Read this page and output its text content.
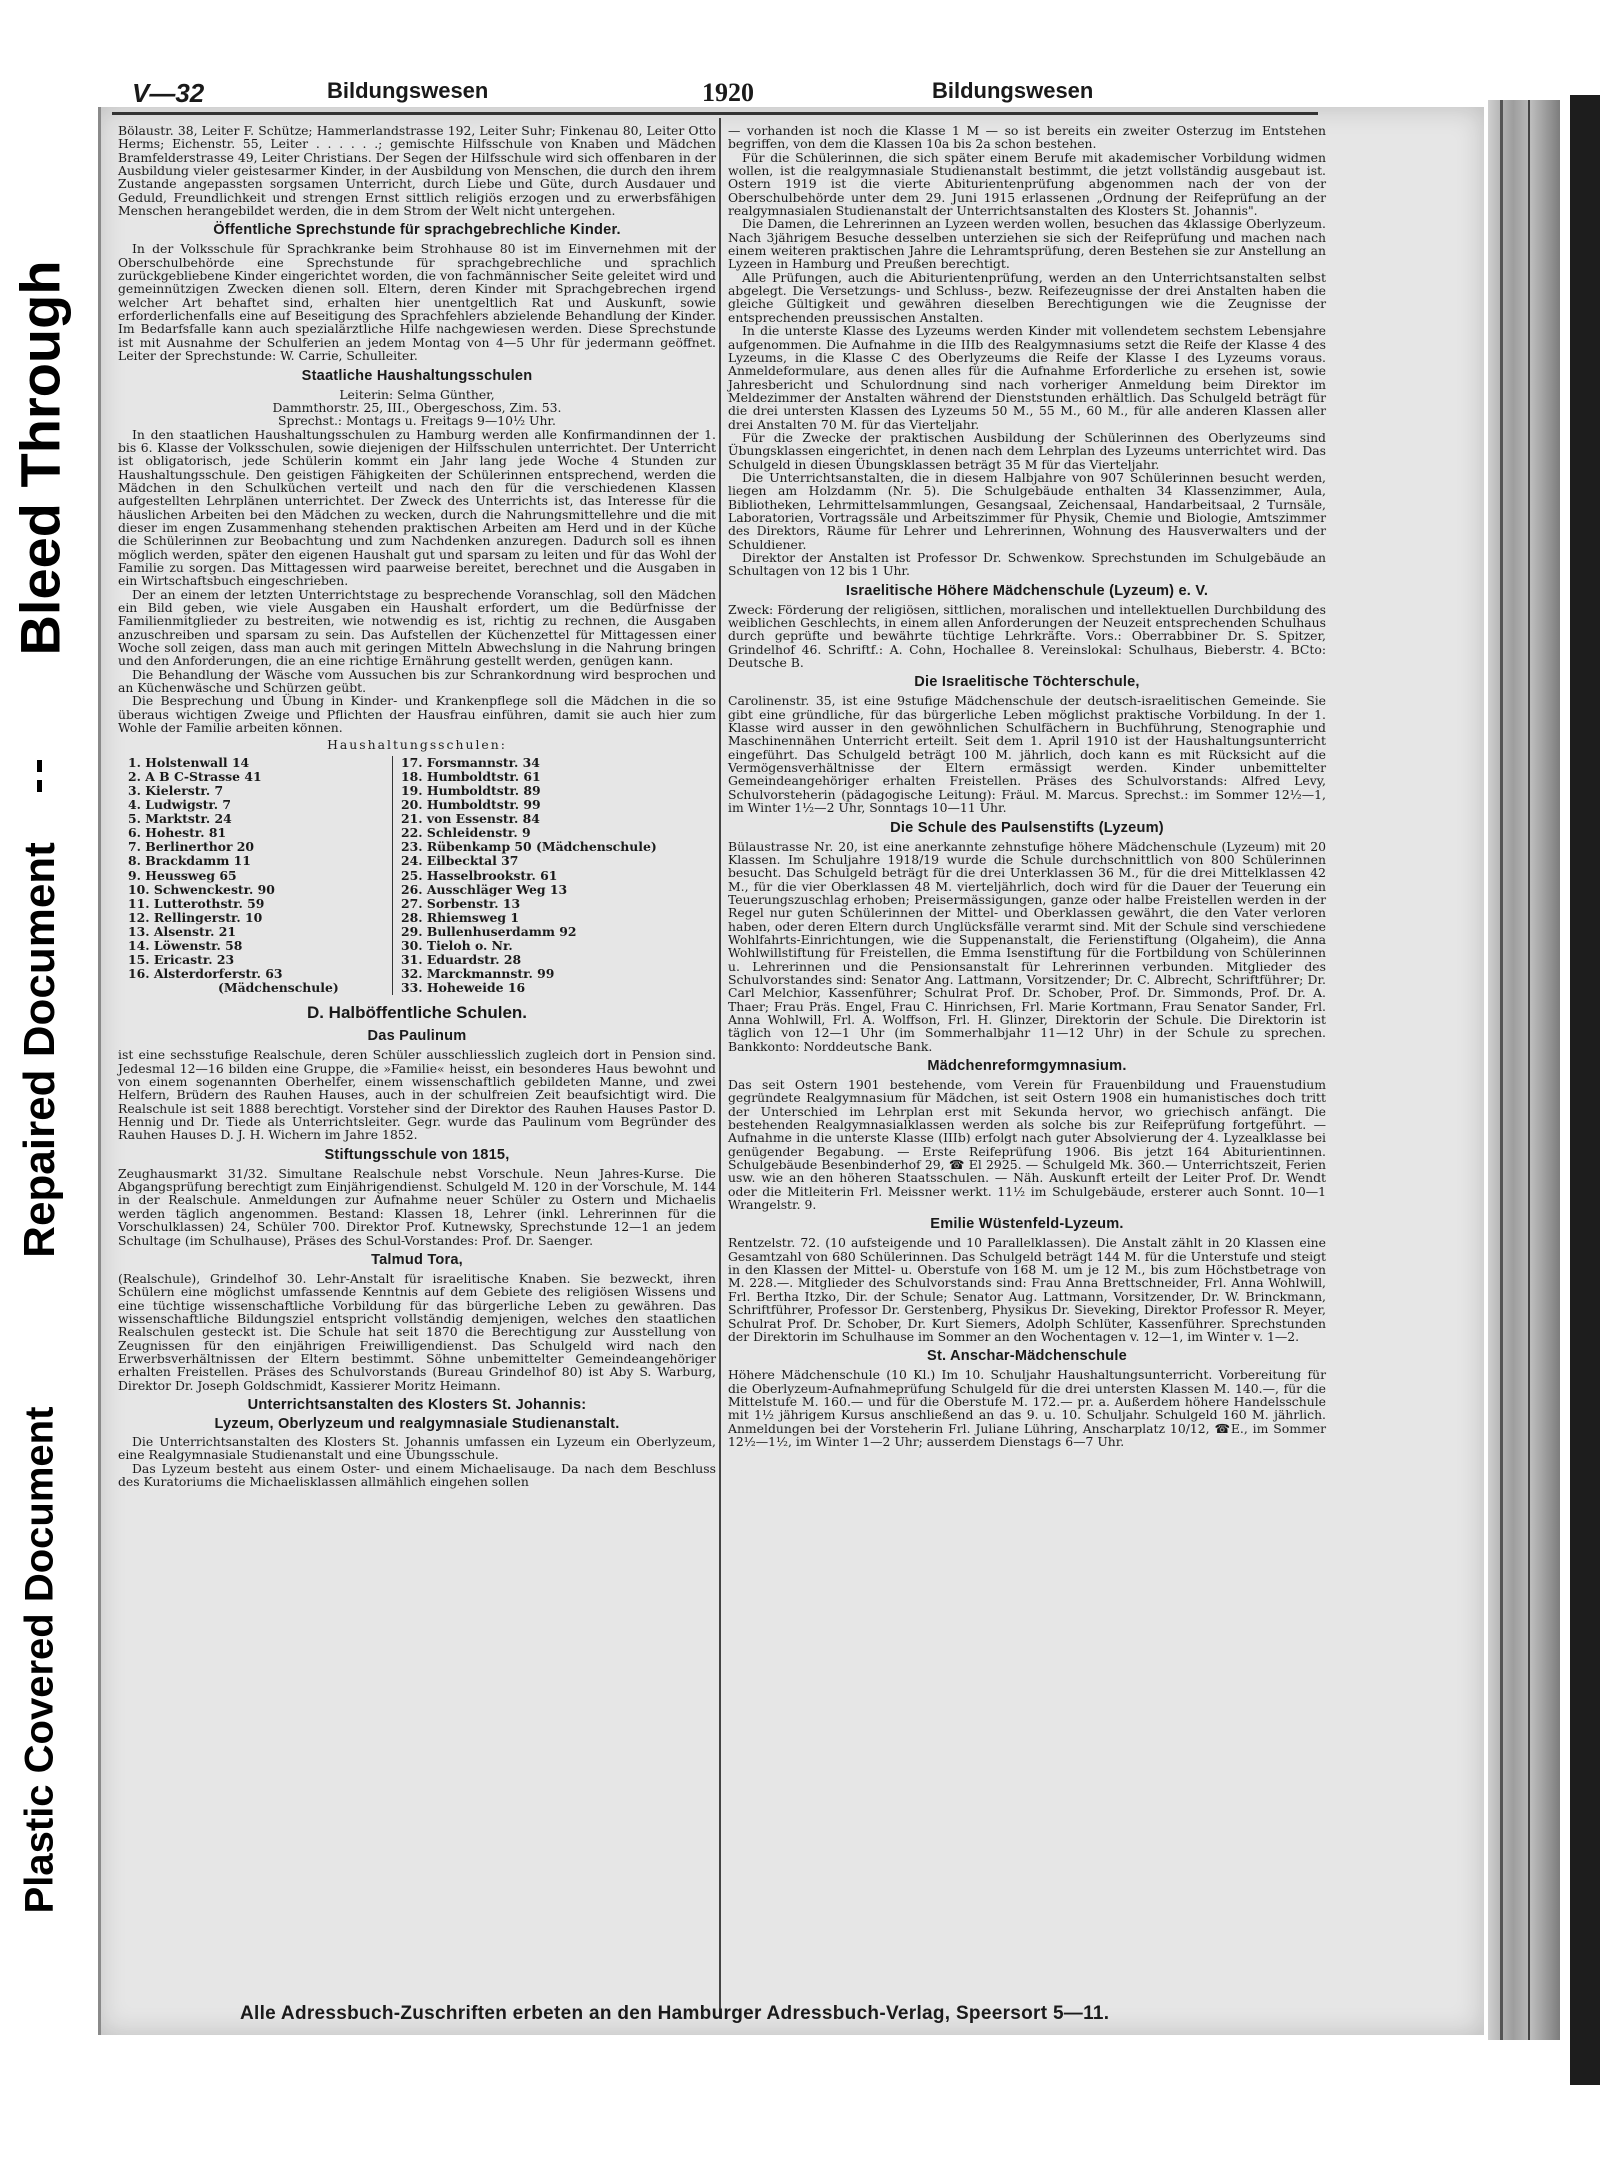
Bleed Through
Repaired Document
Plastic Covered Document
V—32	Bildungswesen	1920	Bildungswesen

Bölaustr. 38, Leiter F. Schütze; Hammerlandstrasse 192, Leiter Suhr; Finkenau 80, Leiter Otto Herms; Eichenstr. 55, Leiter . . . . . .; gemischte Hilfsschule von Knaben und Mädchen Bramfelderstrasse 49, Leiter Christians. Der Segen der Hilfsschule wird sich offenbaren in der Ausbildung vieler geistesarmer Kinder, in der Ausbildung von Menschen, die durch den ihrem Zustande angepassten sorgsamen Unterricht, durch Liebe und Güte, durch Ausdauer und Geduld, Freundlichkeit und strengen Ernst sittlich religiös erzogen und zu erwerbsfähigen Menschen herangebildet werden, die in dem Strom der Welt nicht untergehen.

Öffentliche Sprechstunde für sprachgebrechliche Kinder.

In der Volksschule für Sprachkranke beim Strohhause 80 ist im Einvernehmen mit der Oberschulbehörde eine Sprechstunde für sprachgebrechliche und sprachlich zurückgebliebene Kinder eingerichtet worden, die von fachmännischer Seite geleitet wird und gemeinnützigen Zwecken dienen soll. Eltern, deren Kinder mit Sprachgebrechen irgend welcher Art behaftet sind, erhalten hier unentgeltlich Rat und Auskunft, sowie erforderlichenfalls eine auf Beseitigung des Sprachfehlers abzielende Behandlung der Kinder. Im Bedarfsfalle kann auch spezialärztliche Hilfe nachgewiesen werden. Diese Sprechstunde ist mit Ausnahme der Schulferien an jedem Montag von 4—5 Uhr für jedermann geöffnet. Leiter der Sprechstunde: W. Carrie, Schulleiter.

Staatliche Haushaltungsschulen

Leiterin: Selma Günther,

Dammthorstr. 25, III., Obergeschoss, Zim. 53.

Sprechst.: Montags u. Freitags 9—10½ Uhr.

In den staatlichen Haushaltungsschulen zu Hamburg werden alle Konfirmandinnen der 1. bis 6. Klasse der Volksschulen, sowie diejenigen der Hilfsschulen unterrichtet. Der Unterricht ist obligatorisch, jede Schülerin kommt ein Jahr lang jede Woche 4 Stunden zur Haushaltungsschule. Den geistigen Fähigkeiten der Schülerinnen entsprechend, werden die Mädchen in den Schulküchen verteilt und nach den für die verschiedenen Klassen aufgestellten Lehrplänen unterrichtet. Der Zweck des Unterrichts ist, das Interesse für die häuslichen Arbeiten bei den Mädchen zu wecken, durch die Nahrungsmittellehre und die mit dieser im engen Zusammenhang stehenden praktischen Arbeiten am Herd und in der Küche die Schülerinnen zur Beobachtung und zum Nachdenken anzuregen. Dadurch soll es ihnen möglich werden, später den eigenen Haushalt gut und sparsam zu leiten und für das Wohl der Familie zu sorgen. Das Mittagessen wird paarweise bereitet, berechnet und die Ausgaben in ein Wirtschaftsbuch eingeschrieben.

Der an einem der letzten Unterrichtstage zu besprechende Voranschlag, soll den Mädchen ein Bild geben, wie viele Ausgaben ein Haushalt erfordert, um die Bedürfnisse der Familienmitglieder zu bestreiten, wie notwendig es ist, richtig zu rechnen, die Ausgaben anzuschreiben und sparsam zu sein. Das Aufstellen der Küchenzettel für Mittagessen einer Woche soll zeigen, dass man auch mit geringen Mitteln Abwechslung in die Nahrung bringen und den Anforderungen, die an eine richtige Ernährung gestellt werden, genügen kann.

Die Behandlung der Wäsche vom Aussuchen bis zur Schrankordnung wird besprochen und an Küchenwäsche und Schürzen geübt.

Die Besprechung und Übung in Kinder- und Krankenpflege soll die Mädchen in die so überaus wichtigen Zweige und Pflichten der Hausfrau einführen, damit sie auch hier zum Wohle der Familie arbeiten können.

Haushaltungsschulen:

1. Holstenwall 14
2. A B C-Strasse 41
3. Kielerstr. 7
4. Ludwigstr. 7
5. Marktstr. 24
6. Hohestr. 81
7. Berlinerthor 20
8. Brackdamm 11
9. Heussweg 65
10. Schwenckestr. 90
11. Lutterothstr. 59
12. Rellingerstr. 10
13. Alsenstr. 21
14. Löwenstr. 58
15. Ericastr. 23
16. Alsterdorferstr. 63
(Mädchenschule)
17. Forsmannstr. 34
18. Humboldtstr. 61
19. Humboldtstr. 89
20. Humboldtstr. 99
21. von Essenstr. 84
22. Schleidenstr. 9
23. Rübenkamp 50 (Mädchenschule)
24. Eilbecktal 37
25. Hasselbrookstr. 61
26. Ausschläger Weg 13
27. Sorbenstr. 13
28. Rhiemsweg 1
29. Bullenhuserdamm 92
30. Tieloh o. Nr.
31. Eduardstr. 28
32. Marckmannstr. 99
33. Hoheweide 16
D. Halböffentliche Schulen.
Das Paulinum

ist eine sechsstufige Realschule, deren Schüler ausschliesslich zugleich dort in Pension sind. Jedesmal 12—16 bilden eine Gruppe, die »Familie« heisst, ein besonderes Haus bewohnt und von einem sogenannten Oberhelfer, einem wissenschaftlich gebildeten Manne, und zwei Helfern, Brüdern des Rauhen Hauses, auch in der schulfreien Zeit beaufsichtigt wird. Die Realschule ist seit 1888 berechtigt. Vorsteher sind der Direktor des Rauhen Hauses Pastor D. Hennig und Dr. Tiede als Unterrichtsleiter. Gegr. wurde das Paulinum vom Begründer des Rauhen Hauses D. J. H. Wichern im Jahre 1852.

Stiftungsschule von 1815,

Zeughausmarkt 31/32. Simultane Realschule nebst Vorschule. Neun Jahres-Kurse. Die Abgangsprüfung berechtigt zum Einjährigendienst. Schulgeld M. 120 in der Vorschule, M. 144 in der Realschule. Anmeldungen zur Aufnahme neuer Schüler zu Ostern und Michaelis werden täglich angenommen. Bestand: Klassen 18, Lehrer (inkl. Lehrerinnen für die Vorschulklassen) 24, Schüler 700. Direktor Prof. Kutnewsky, Sprechstunde 12—1 an jedem Schultage (im Schulhause), Präses des Schul-Vorstandes: Prof. Dr. Saenger.

Talmud Tora,

(Realschule), Grindelhof 30. Lehr-Anstalt für israelitische Knaben. Sie bezweckt, ihren Schülern eine möglichst umfassende Kenntnis auf dem Gebiete des religiösen Wissens und eine tüchtige wissenschaftliche Vorbildung für das bürgerliche Leben zu gewähren. Das wissenschaftliche Bildungsziel entspricht vollständig demjenigen, welches den staatlichen Realschulen gesteckt ist. Die Schule hat seit 1870 die Berechtigung zur Ausstellung von Zeugnissen für den einjährigen Freiwilligendienst. Das Schulgeld wird nach den Erwerbsverhältnissen der Eltern bestimmt. Söhne unbemittelter Gemeindeangehöriger erhalten Freistellen. Präses des Schulvorstands (Bureau Grindelhof 80) ist Aby S. Warburg, Direktor Dr. Joseph Goldschmidt, Kassierer Moritz Heimann.

Unterrichtsanstalten des Klosters St. Johannis:
Lyzeum, Oberlyzeum und realgymnasiale Studienanstalt.

Die Unterrichtsanstalten des Klosters St. Johannis umfassen ein Lyzeum ein Oberlyzeum, eine Realgymnasiale Studienanstalt und eine Übungsschule.

Das Lyzeum besteht aus einem Oster- und einem Michaelisauge. Da nach dem Beschluss des Kuratoriums die Michaelisklassen allmählich eingehen sollen

— vorhanden ist noch die Klasse 1 M — so ist bereits ein zweiter Osterzug im Entstehen begriffen, von dem die Klassen 10a bis 2a schon bestehen.

Für die Schülerinnen, die sich später einem Berufe mit akademischer Vorbildung widmen wollen, ist die realgymnasiale Studienanstalt bestimmt, die jetzt vollständig ausgebaut ist. Ostern 1919 ist die vierte Abiturientenprüfung abgenommen nach der von der Oberschulbehörde unter dem 29. Juni 1915 erlassenen „Ordnung der Reifeprüfung an der realgymnasialen Studienanstalt der Unterrichtsanstalten des Klosters St. Johannis".

Die Damen, die Lehrerinnen an Lyzeen werden wollen, besuchen das 4klassige Oberlyzeum. Nach 3jährigem Besuche desselben unterziehen sie sich der Reifeprüfung und machen nach einem weiteren praktischen Jahre die Lehramtsprüfung, deren Bestehen sie zur Anstellung an Lyzeen in Hamburg und Preußen berechtigt.

Alle Prüfungen, auch die Abiturientenprüfung, werden an den Unterrichtsanstalten selbst abgelegt. Die Versetzungs- und Schluss-, bezw. Reifezeugnisse der drei Anstalten haben die gleiche Gültigkeit und gewähren dieselben Berechtigungen wie die Zeugnisse der entsprechenden preussischen Anstalten.

In die unterste Klasse des Lyzeums werden Kinder mit vollendetem sechstem Lebensjahre aufgenommen. Die Aufnahme in die IIIb des Realgymnasiums setzt die Reife der Klasse 4 des Lyzeums, in die Klasse C des Oberlyzeums die Reife der Klasse I des Lyzeums voraus. Anmeldeformulare, aus denen alles für die Aufnahme Erforderliche zu ersehen ist, sowie Jahresbericht und Schulordnung sind nach vorheriger Anmeldung beim Direktor im Meldezimmer der Anstalten während der Dienststunden erhältlich. Das Schulgeld beträgt für die drei untersten Klassen des Lyzeums 50 M., 55 M., 60 M., für alle anderen Klassen aller drei Anstalten 70 M. für das Vierteljahr.

Für die Zwecke der praktischen Ausbildung der Schülerinnen des Oberlyzeums sind Übungsklassen eingerichtet, in denen nach dem Lehrplan des Lyzeums unterrichtet wird. Das Schulgeld in diesen Übungsklassen beträgt 35 M für das Vierteljahr.

Die Unterrichtsanstalten, die in diesem Halbjahre von 907 Schülerinnen besucht werden, liegen am Holzdamm (Nr. 5). Die Schulgebäude enthalten 34 Klassenzimmer, Aula, Bibliotheken, Lehrmittelsammlungen, Gesangsaal, Zeichensaal, Handarbeitsaal, 2 Turnsäle, Laboratorien, Vortragssäle und Arbeitszimmer für Physik, Chemie und Biologie, Amtszimmer des Direktors, Räume für Lehrer und Lehrerinnen, Wohnung des Hausverwalters und der Schuldiener.

Direktor der Anstalten ist Professor Dr. Schwenkow. Sprechstunden im Schulgebäude an Schultagen von 12 bis 1 Uhr.

Israelitische Höhere Mädchenschule (Lyzeum) e. V.

Zweck: Förderung der religiösen, sittlichen, moralischen und intellektuellen Durchbildung des weiblichen Geschlechts, in einem allen Anforderungen der Neuzeit entsprechenden Schulhaus durch geprüfte und bewährte tüchtige Lehrkräfte. Vors.: Oberrabbiner Dr. S. Spitzer, Grindelhof 46. Schriftf.: A. Cohn, Hochallee 8. Vereinslokal: Schulhaus, Bieberstr. 4. BCto: Deutsche B.

Die Israelitische Töchterschule,

Carolinenstr. 35, ist eine 9stufige Mädchenschule der deutsch-israelitischen Gemeinde. Sie gibt eine gründliche, für das bürgerliche Leben möglichst praktische Vorbildung. In der 1. Klasse wird ausser in den gewöhnlichen Schulfächern in Buchführung, Stenographie und Maschinennähen Unterricht erteilt. Seit dem 1. April 1910 ist der Haushaltungsunterricht eingeführt. Das Schulgeld beträgt 100 M. jährlich, doch kann es mit Rücksicht auf die Vermögensverhältnisse der Eltern ermässigt werden. Kinder unbemittelter Gemeindeangehöriger erhalten Freistellen. Präses des Schulvorstands: Alfred Levy, Schulvorsteherin (pädagogische Leitung): Fräul. M. Marcus. Sprechst.: im Sommer 12½—1, im Winter 1½—2 Uhr, Sonntags 10—11 Uhr.

Die Schule des Paulsenstifts (Lyzeum)

Bülaustrasse Nr. 20, ist eine anerkannte zehnstufige höhere Mädchenschule (Lyzeum) mit 20 Klassen. Im Schuljahre 1918/19 wurde die Schule durchschnittlich von 800 Schülerinnen besucht. Das Schulgeld beträgt für die drei Unterklassen 36 M., für die drei Mittelklassen 42 M., für die vier Oberklassen 48 M. vierteljährlich, doch wird für die Dauer der Teuerung ein Teuerungszuschlag erhoben; Preisermässigungen, ganze oder halbe Freistellen werden in der Regel nur guten Schülerinnen der Mittel- und Oberklassen gewährt, die den Vater verloren haben, oder deren Eltern durch Unglücksfälle verarmt sind. Mit der Schule sind verschiedene Wohlfahrts-Einrichtungen, wie die Suppenanstalt, die Ferienstiftung (Olgaheim), die Anna Wohlwillstiftung für Freistellen, die Emma Isenstiftung für die Fortbildung von Schülerinnen u. Lehrerinnen und die Pensionsanstalt für Lehrerinnen verbunden. Mitglieder des Schulvorstandes sind: Senator Ang. Lattmann, Vorsitzender; Dr. C. Albrecht, Schriftführer; Dr. Carl Melchior, Kassenführer; Schulrat Prof. Dr. Schober, Prof. Dr. Simmonds, Prof. Dr. A. Thaer; Frau Präs. Engel, Frau C. Hinrichsen, Frl. Marie Kortmann, Frau Senator Sander, Frl. Anna Wohlwill, Frl. A. Wolffson, Frl. H. Glinzer, Direktorin der Schule. Die Direktorin ist täglich von 12—1 Uhr (im Sommerhalbjahr 11—12 Uhr) in der Schule zu sprechen. Bankkonto: Norddeutsche Bank.

Mädchenreformgymnasium.

Das seit Ostern 1901 bestehende, vom Verein für Frauenbildung und Frauenstudium gegründete Realgymnasium für Mädchen, ist seit Ostern 1908 ein humanistisches doch tritt der Unterschied im Lehrplan erst mit Sekunda hervor, wo griechisch anfängt. Die bestehenden Realgymnasialklassen werden als solche bis zur Reifeprüfung fortgeführt. — Aufnahme in die unterste Klasse (IIIb) erfolgt nach guter Absolvierung der 4. Lyzealklasse bei genügender Begabung. — Erste Reifeprüfung 1906. Bis jetzt 164 Abiturientinnen. Schulgebäude Besenbinderhof 29, ☎ El 2925. — Schulgeld Mk. 360.— Unterrichtszeit, Ferien usw. wie an den höheren Staatsschulen. — Näh. Auskunft erteilt der Leiter Prof. Dr. Wendt oder die Mitleiterin Frl. Meissner werkt. 11½ im Schulgebäude, ersterer auch Sonnt. 10—1 Wrangelstr. 9.

Emilie Wüstenfeld-Lyzeum.

Rentzelstr. 72. (10 aufsteigende und 10 Parallelklassen). Die Anstalt zählt in 20 Klassen eine Gesamtzahl von 680 Schülerinnen. Das Schulgeld beträgt 144 M. für die Unterstufe und steigt in den Klassen der Mittel- u. Oberstufe von 168 M. um je 12 M., bis zum Höchstbetrage von M. 228.—. Mitglieder des Schulvorstands sind: Frau Anna Brettschneider, Frl. Anna Wohlwill, Frl. Bertha Itzko, Dir. der Schule; Senator Aug. Lattmann, Vorsitzender, Dr. W. Brinckmann, Schriftführer, Professor Dr. Gerstenberg, Physikus Dr. Sieveking, Direktor Professor R. Meyer, Schulrat Prof. Dr. Schober, Dr. Kurt Siemers, Adolph Schlüter, Kassenführer. Sprechstunden der Direktorin im Schulhause im Sommer an den Wochentagen v. 12—1, im Winter v. 1—2.

St. Anschar-Mädchenschule

Höhere Mädchenschule (10 Kl.) Im 10. Schuljahr Haushaltungsunterricht. Vorbereitung für die Oberlyzeum-Aufnahmeprüfung Schulgeld für die drei untersten Klassen M. 140.—, für die Mittelstufe M. 160.— und für die Oberstufe M. 172.— pr. a. Außerdem höhere Handelsschule mit 1½ jährigem Kursus anschließend an das 9. u. 10. Schuljahr. Schulgeld 160 M. jährlich. Anmeldungen bei der Vorsteherin Frl. Juliane Lühring, Anscharplatz 10/12, ☎E., im Sommer 12½—1½, im Winter 1—2 Uhr; ausserdem Dienstags 6—7 Uhr.

Alle Adressbuch-Zuschriften erbeten an den Hamburger Adressbuch-Verlag, Speersort 5—11.
